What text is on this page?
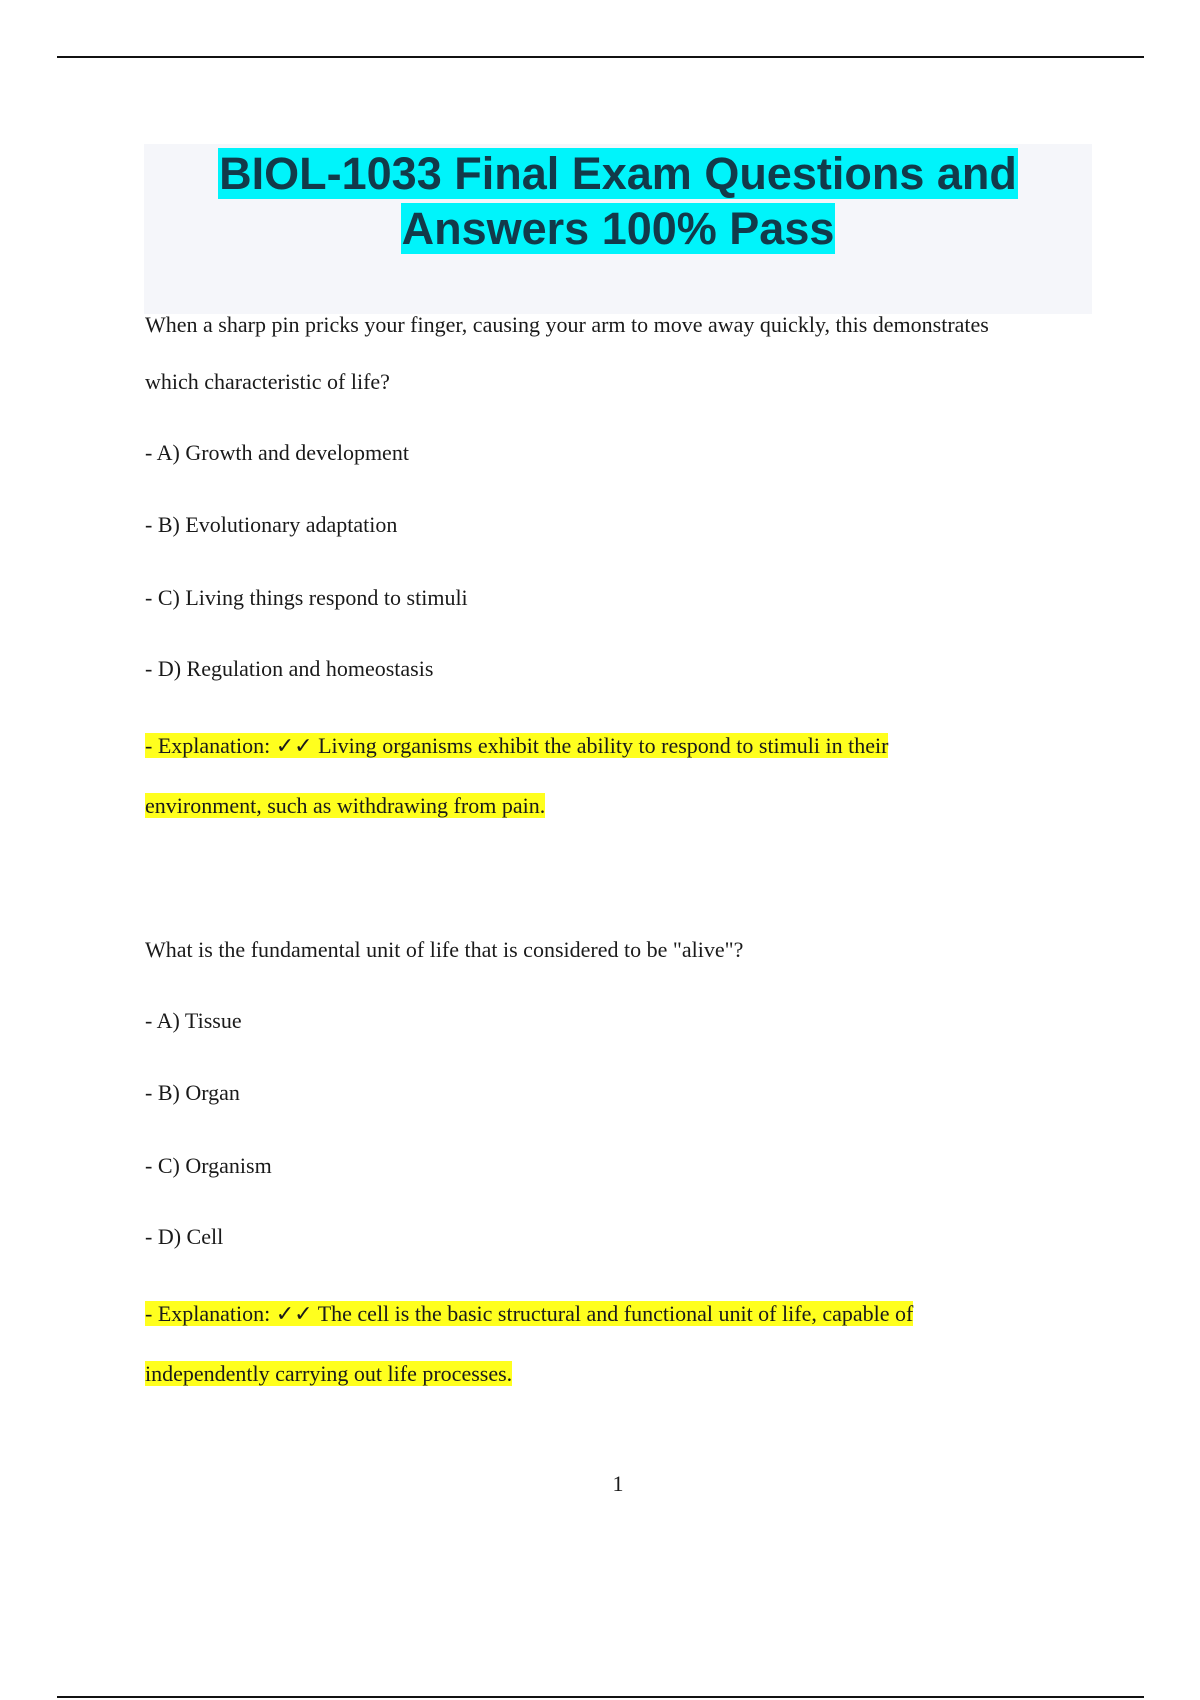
BIOL-1033 Final Exam Questions and Answers 100% Pass

When a sharp pin pricks your finger, causing your arm to move away quickly, this demonstrates

which characteristic of life?

- A) Growth and development

- B) Evolutionary adaptation

- C) Living things respond to stimuli

- D) Regulation and homeostasis

- Explanation: ✓✓ Living organisms exhibit the ability to respond to stimuli in their

environment, such as withdrawing from pain.

What is the fundamental unit of life that is considered to be "alive"?

- A) Tissue

- B) Organ

- C) Organism

- D) Cell

- Explanation: ✓✓ The cell is the basic structural and functional unit of life, capable of

independently carrying out life processes.

1
